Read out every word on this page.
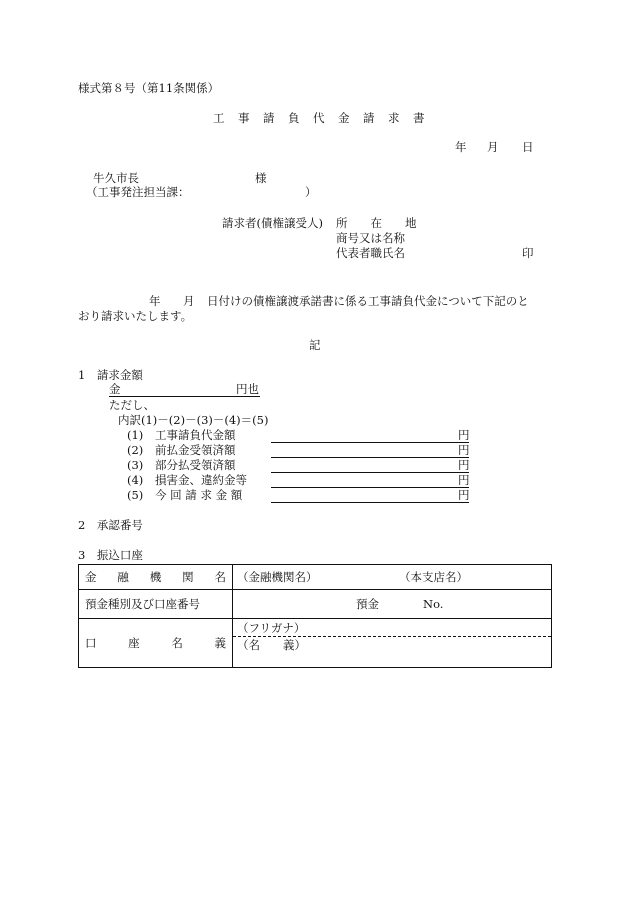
様式第８号（第11条関係）
工　事　請　負　代　金　請　求　書
年 月 日
牛久市長	様
（工事発注担当課：	）
請求者(債権譲受人) 所　　在　　地
商号又は名称
代表者職氏名	印
年 月 日付けの債権譲渡承諾書に係る工事請負代金について下記のと
おり請求いたします。
記
1　請求金額
金	円也
ただし、
内訳(1)－(2)－(3)－(4)＝(5)
(1) 工事請負代金額	円
(2) 前払金受領済額	円
(3) 部分払受領済額	円
(4) 損害金、違約金等	円
(5) 今 回 請 求 金 額	円
2　承認番号
3　振込口座
金 融 機 関 名	（金融機関名） （本支店名）

預金種別及び口座番号	預金 No.

口 座 名 義	（フリガナ）
（名　　義）
